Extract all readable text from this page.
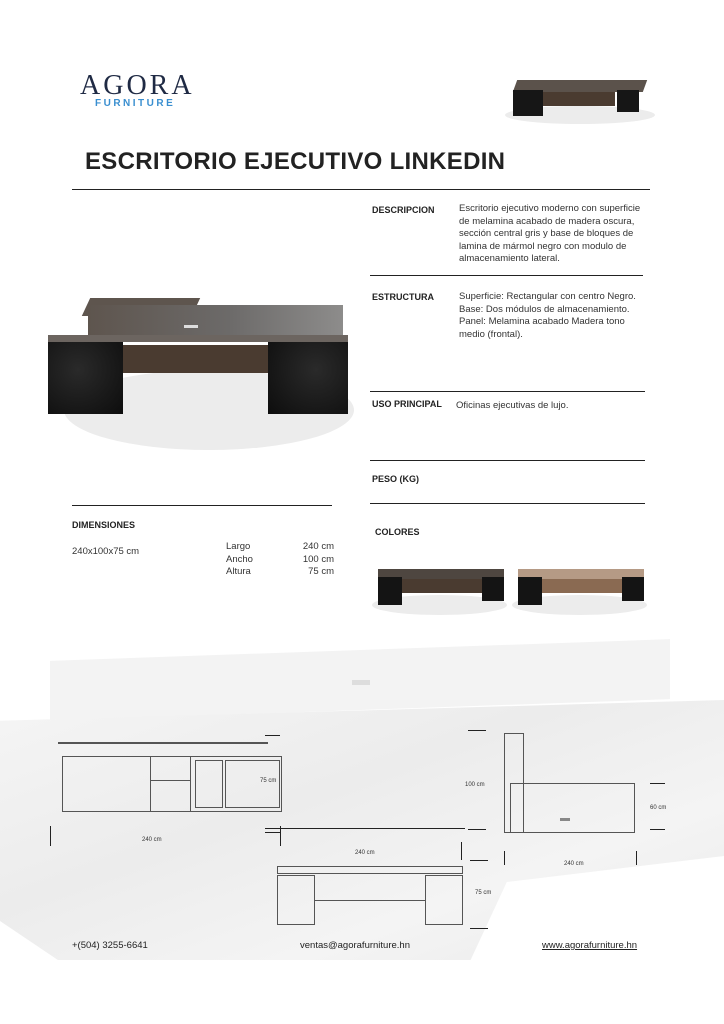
AGORA
FURNITURE
ESCRITORIO EJECUTIVO LINKEDIN
DESCRIPCION	Escritorio ejecutivo moderno con superficie
de melamina acabado de madera oscura,
sección central gris y base de bloques de
lamina de mármol negro con modulo de
almacenamiento lateral.
ESTRUCTURA	Superficie: Rectangular con centro Negro.
Base: Dos módulos de almacenamiento.
Panel: Melamina acabado Madera tono
medio (frontal).
USO PRINCIPAL Oficinas ejecutivas de lujo.
PESO (KG)
DIMENSIONES
240x100x75 cm	Largo	240 cm
Ancho	100 cm
Altura	75 cm
COLORES
75 cm
240 cm
240 cm
75 cm
100 cm
60 cm
240 cm
+(504) 3255-6641	ventas@agorafurniture.hn	www.agorafurniture.hn
